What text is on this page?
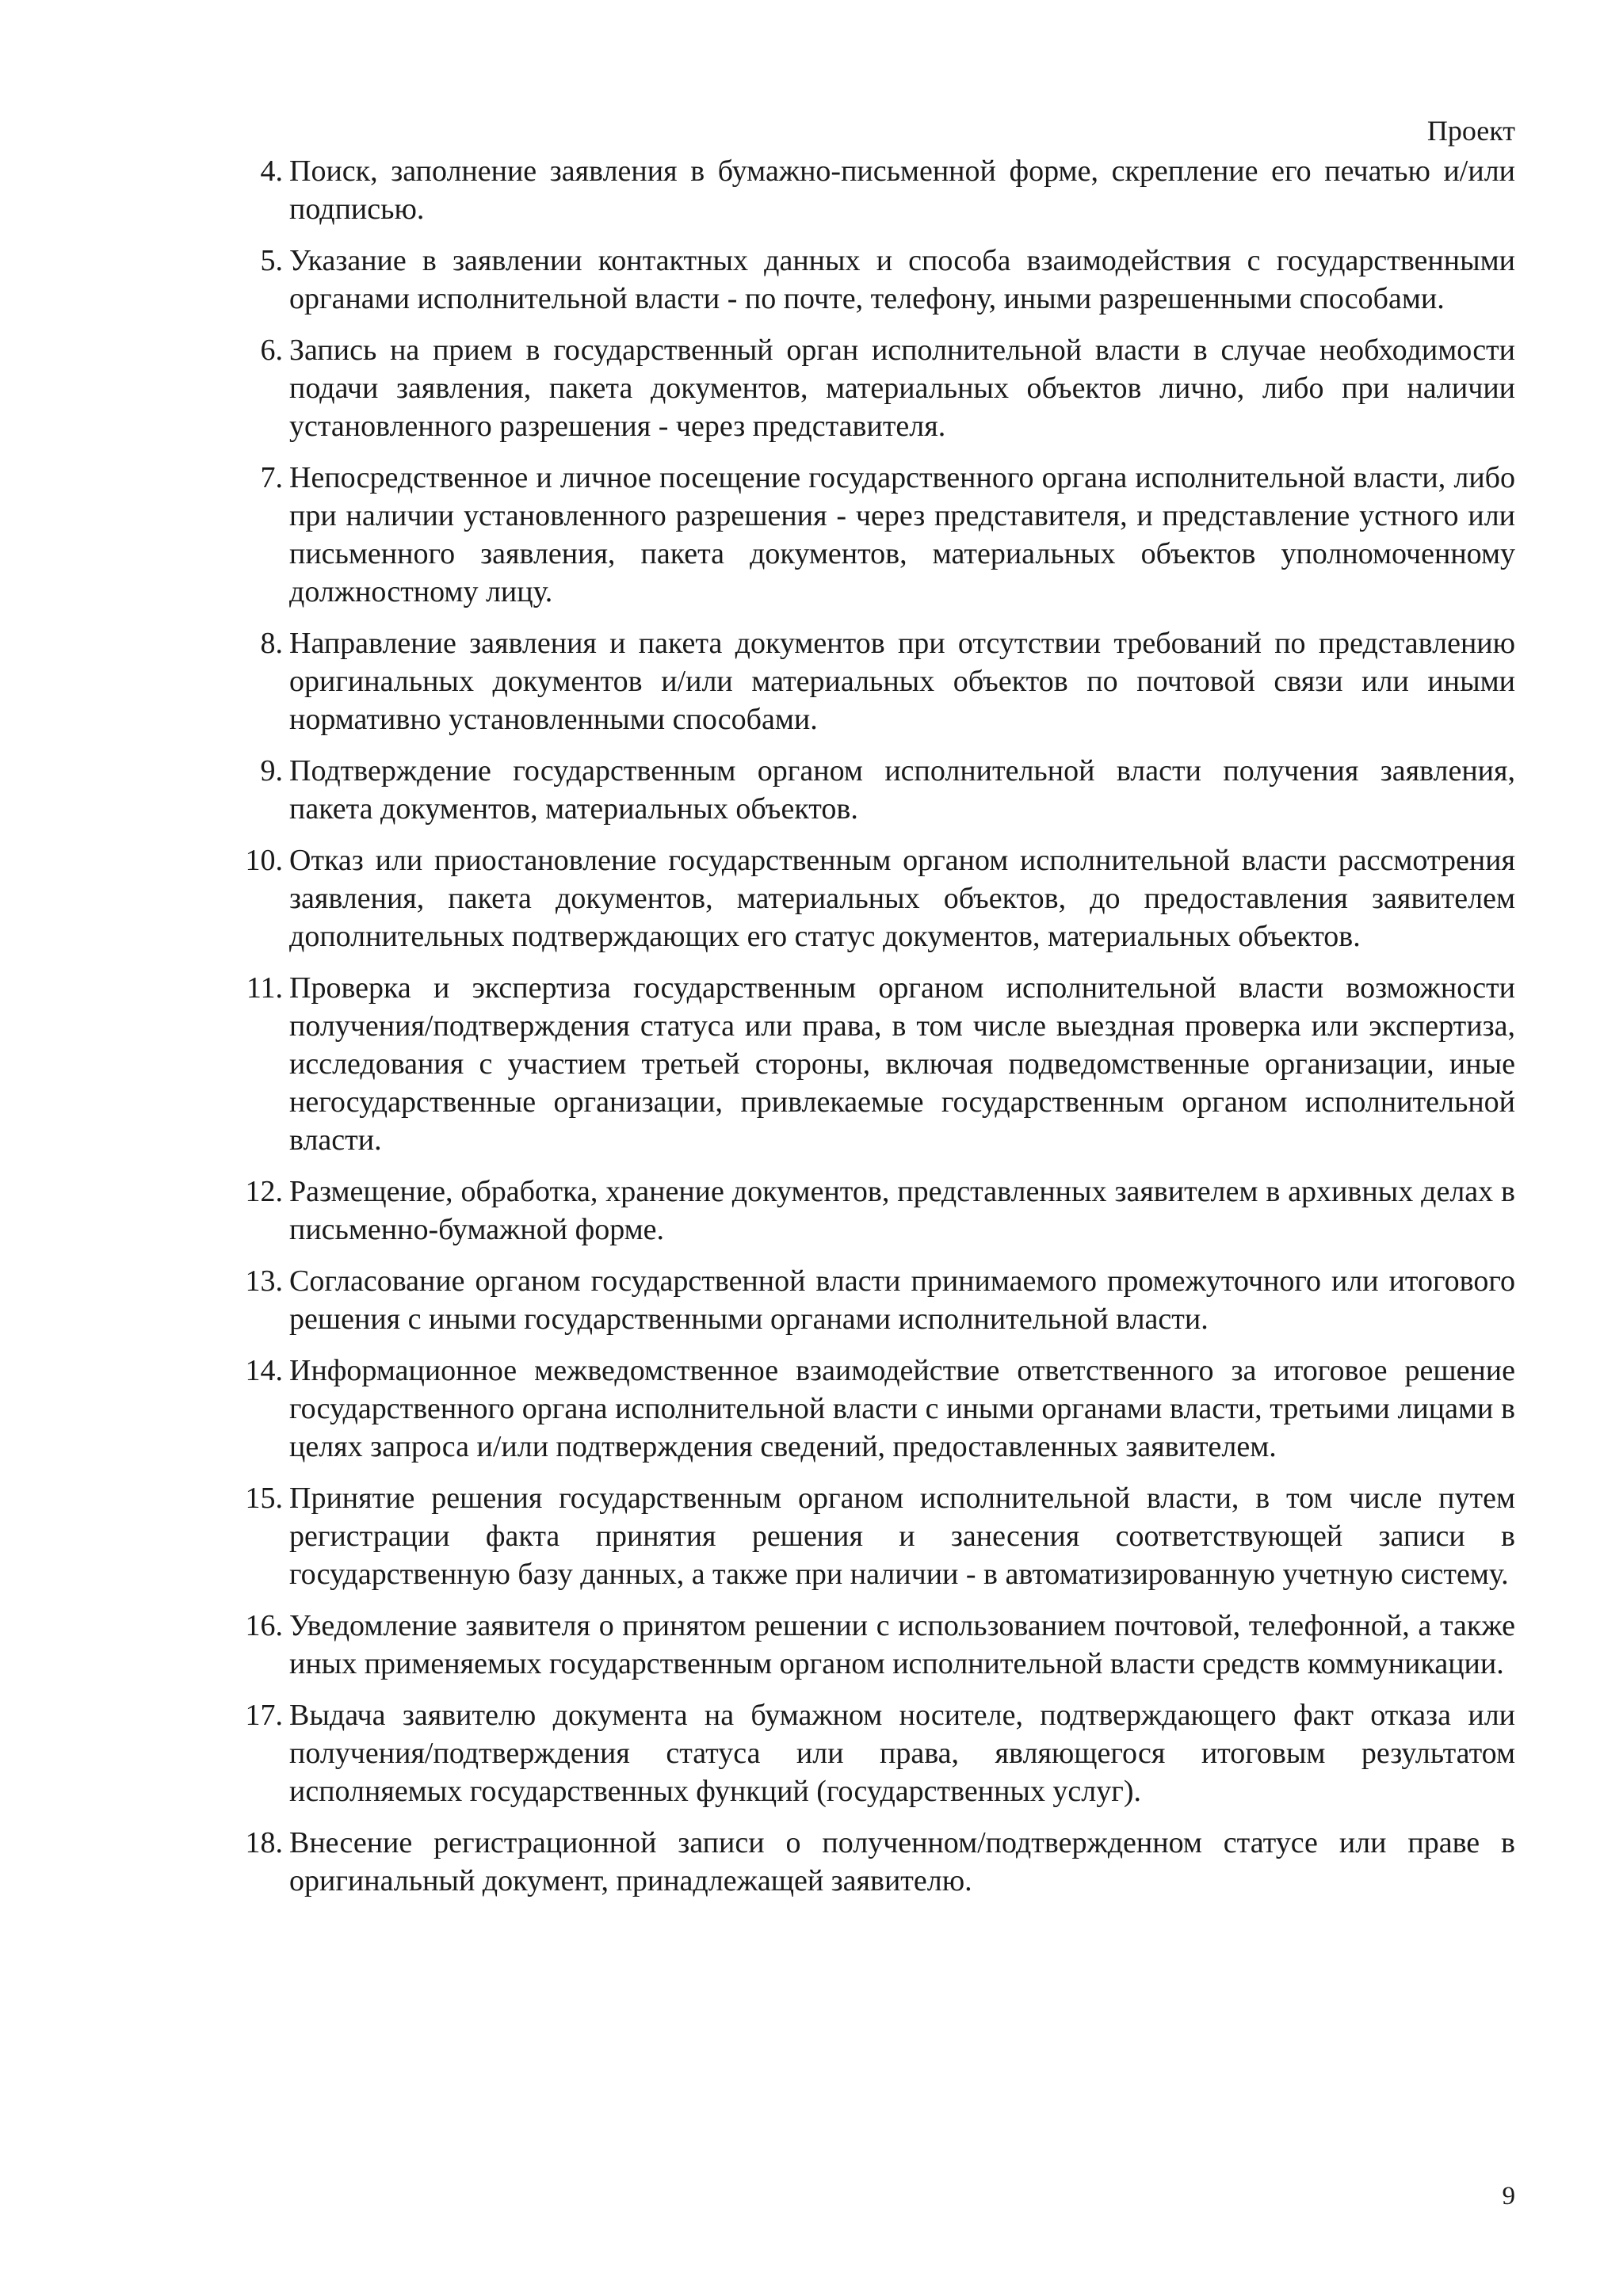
Проект
4. Поиск, заполнение заявления в бумажно-письменной форме, скрепление его печатью и/или подписью.
5. Указание в заявлении контактных данных и способа взаимодействия с государственными органами исполнительной власти - по почте, телефону, иными разрешенными способами.
6. Запись на прием в государственный орган исполнительной власти в случае необходимости подачи заявления, пакета документов, материальных объектов лично, либо при наличии установленного разрешения - через представителя.
7. Непосредственное и личное посещение государственного органа исполнительной власти, либо при наличии установленного разрешения - через представителя, и представление устного или письменного заявления, пакета документов, материальных объектов уполномоченному должностному лицу.
8. Направление заявления и пакета документов при отсутствии требований по представлению оригинальных документов и/или материальных объектов по почтовой связи или иными нормативно установленными способами.
9. Подтверждение государственным органом исполнительной власти получения заявления, пакета документов, материальных объектов.
10. Отказ или приостановление государственным органом исполнительной власти рассмотрения заявления, пакета документов, материальных объектов, до предоставления заявителем дополнительных подтверждающих его статус документов, материальных объектов.
11. Проверка и экспертиза государственным органом исполнительной власти возможности получения/подтверждения статуса или права, в том числе выездная проверка или экспертиза, исследования с участием третьей стороны, включая подведомственные организации, иные негосударственные организации, привлекаемые государственным органом исполнительной власти.
12. Размещение, обработка, хранение документов, представленных заявителем в архивных делах в письменно-бумажной форме.
13. Согласование органом государственной власти принимаемого промежуточного или итогового решения с иными государственными органами исполнительной власти.
14. Информационное межведомственное взаимодействие ответственного за итоговое решение государственного органа исполнительной власти с иными органами власти, третьими лицами в целях запроса и/или подтверждения сведений, предоставленных заявителем.
15. Принятие решения государственным органом исполнительной власти, в том числе путем регистрации факта принятия решения и занесения соответствующей записи в государственную базу данных, а также при наличии - в автоматизированную учетную систему.
16. Уведомление заявителя о принятом решении с использованием почтовой, телефонной, а также иных применяемых государственным органом исполнительной власти средств коммуникации.
17. Выдача заявителю документа на бумажном носителе, подтверждающего факт отказа или получения/подтверждения статуса или права, являющегося итоговым результатом исполняемых государственных функций (государственных услуг).
18. Внесение регистрационной записи о полученном/подтвержденном статусе или праве в оригинальный документ, принадлежащей заявителю.
9
